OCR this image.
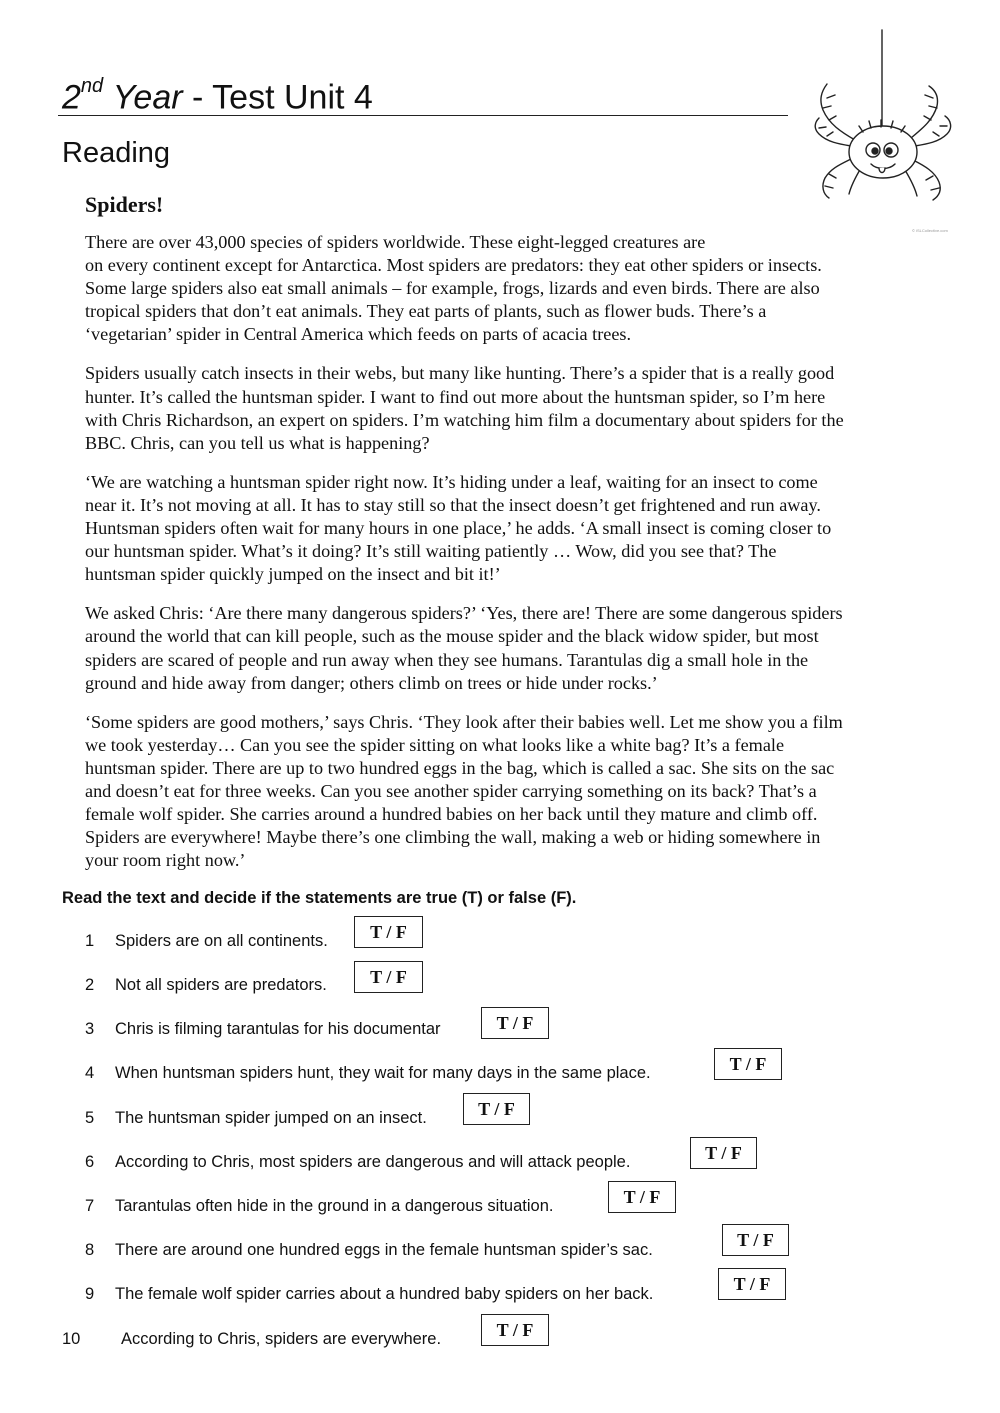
2nd Year - Test Unit 4
Reading
© iSLCollective.com
Spiders!

There are over 43,000 species of spiders worldwide. These eight-legged creatures are
on every continent except for Antarctica. Most spiders are predators: they eat other spiders or insects.
Some large spiders also eat small animals – for example, frogs, lizards and even birds. There are also
tropical spiders that don’t eat animals. They eat parts of plants, such as flower buds. There’s a
‘vegetarian’ spider in Central America which feeds on parts of acacia trees.

Spiders usually catch insects in their webs, but many like hunting. There’s a spider that is a really good
hunter. It’s called the huntsman spider. I want to find out more about the huntsman spider, so I’m here
with Chris Richardson, an expert on spiders. I’m watching him film a documentary about spiders for the
BBC. Chris, can you tell us what is happening?

‘We are watching a huntsman spider right now. It’s hiding under a leaf, waiting for an insect to come
near it. It’s not moving at all. It has to stay still so that the insect doesn’t get frightened and run away.
Huntsman spiders often wait for many hours in one place,’ he adds. ‘A small insect is coming closer to
our huntsman spider. What’s it doing? It’s still waiting patiently … Wow, did you see that? The
huntsman spider quickly jumped on the insect and bit it!’

We asked Chris: ‘Are there many dangerous spiders?’ ‘Yes, there are! There are some dangerous spiders
around the world that can kill people, such as the mouse spider and the black widow spider, but most
spiders are scared of people and run away when they see humans. Tarantulas dig a small hole in the
ground and hide away from danger; others climb on trees or hide under rocks.’

‘Some spiders are good mothers,’ says Chris. ‘They look after their babies well. Let me show you a film
we took yesterday… Can you see the spider sitting on what looks like a white bag? It’s a female
huntsman spider. There are up to two hundred eggs in the bag, which is called a sac. She sits on the sac
and doesn’t eat for three weeks. Can you see another spider carrying something on its back? That’s a
female wolf spider. She carries around a hundred babies on her back until they mature and climb off.
Spiders are everywhere! Maybe there’s one climbing the wall, making a web or hiding somewhere in
your room right now.’

Read the text and decide if the statements are true (T) or false (F).
1 Spiders are on all continents.	T / F
2 Not all spiders are predators.	T / F
3 Chris is filming tarantulas for his documentar	T / F
4 When huntsman spiders hunt, they wait for many days in the same place.	T / F
5 The huntsman spider jumped on an insect.	T / F
6 According to Chris, most spiders are dangerous and will attack people.	T / F
7 Tarantulas often hide in the ground in a dangerous situation.	T / F
8 There are around one hundred eggs in the female huntsman spider’s sac.	T / F
9 The female wolf spider carries about a hundred baby spiders on her back.	T / F
10 According to Chris, spiders are everywhere.	T / F
